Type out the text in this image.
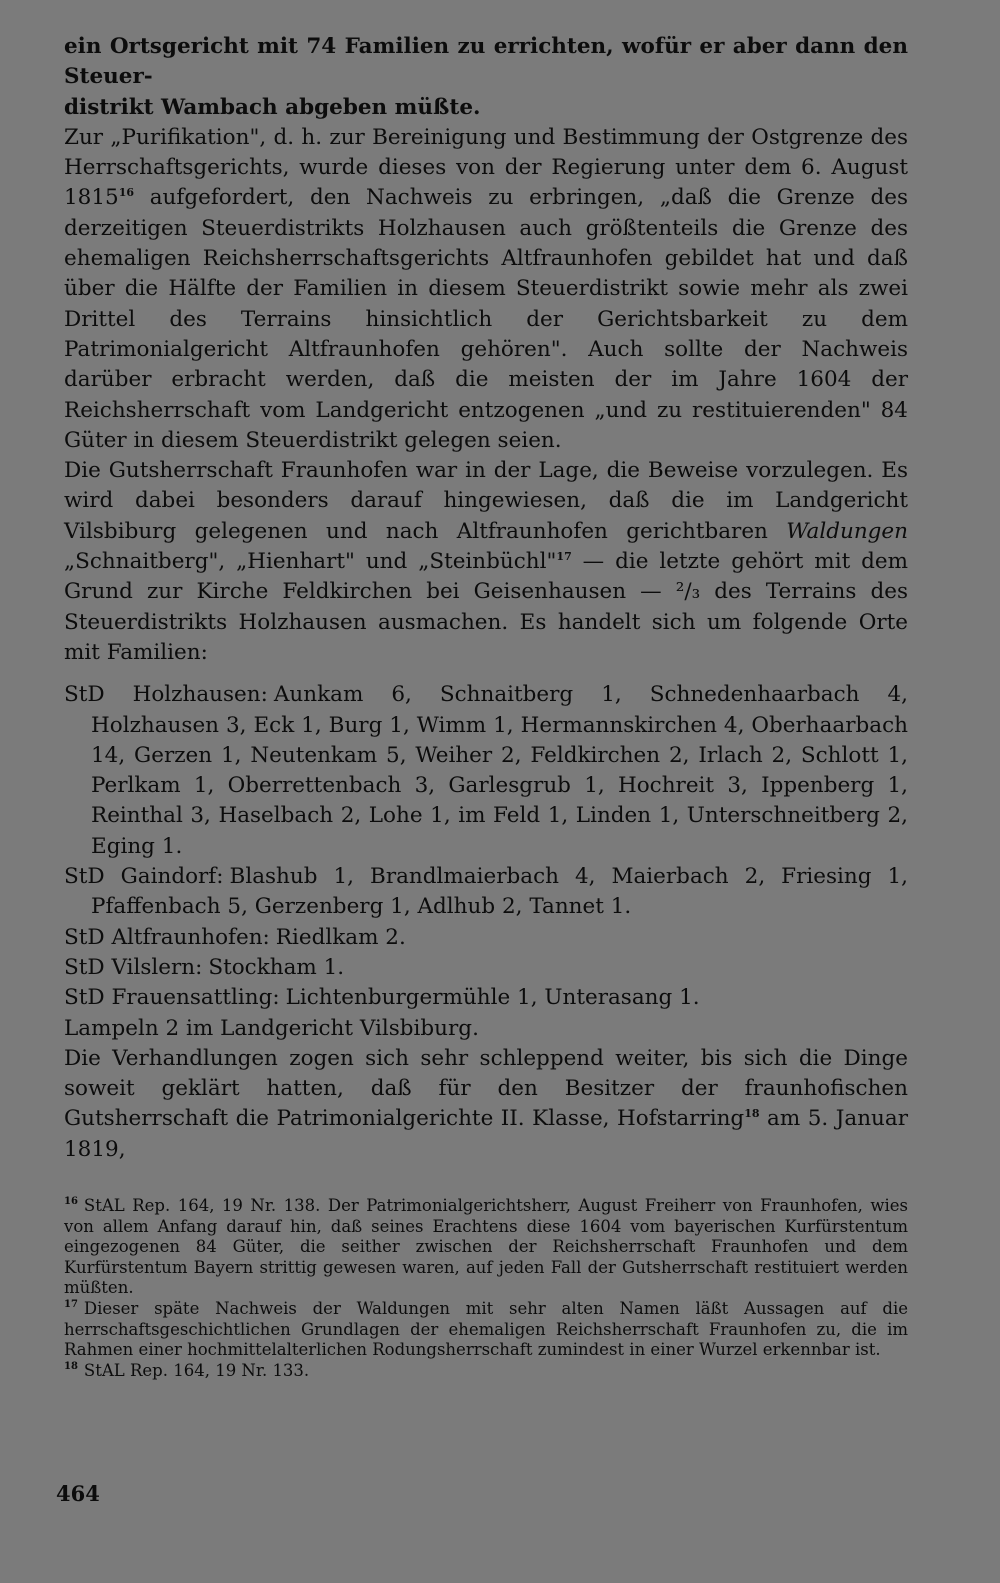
ein Ortsgericht mit 74 Familien zu errichten, wofür er aber dann den Steuer-
distrikt Wambach abgeben müßte.

Zur „Purifikation", d. h. zur Bereinigung und Bestimmung der Ostgrenze des Herrschaftsgerichts, wurde dieses von der Regierung unter dem 6. August 1815$^{16}$ aufgefordert, den Nachweis zu erbringen, „daß die Grenze des derzeitigen Steuerdistrikts Holzhausen auch größtenteils die Grenze des ehemaligen Reichsherrschaftsgerichts Altfraunhofen gebildet hat und daß über die Hälfte der Familien in diesem Steuerdistrikt sowie mehr als zwei Drittel des Terrains hinsichtlich der Gerichtsbarkeit zu dem Patrimonialgericht Altfraunhofen gehören". Auch sollte der Nachweis darüber erbracht werden, daß die meisten der im Jahre 1604 der Reichsherrschaft vom Landgericht entzogenen „und zu restituierenden" 84 Güter in diesem Steuerdistrikt gelegen seien.

Die Gutsherrschaft Fraunhofen war in der Lage, die Beweise vorzulegen. Es wird dabei besonders darauf hingewiesen, daß die im Landgericht Vilsbiburg gelegenen und nach Altfraunhofen gerichtbaren Waldungen „Schnaitberg", „Hienhart" und „Steinbüchl"$^{17}$ — die letzte gehört mit dem Grund zur Kirche Feldkirchen bei Geisenhausen — ²/₃ des Terrains des Steuerdistrikts Holzhausen ausmachen. Es handelt sich um folgende Orte mit Familien:

StD Holzhausen: Aunkam 6, Schnaitberg 1, Schnedenhaarbach 4, Holzhausen 3, Eck 1, Burg 1, Wimm 1, Hermannskirchen 4, Oberhaarbach 14, Gerzen 1, Neutenkam 5, Weiher 2, Feldkirchen 2, Irlach 2, Schlott 1, Perlkam 1, Oberrettenbach 3, Garlesgrub 1, Hochreit 3, Ippenberg 1, Reinthal 3, Haselbach 2, Lohe 1, im Feld 1, Linden 1, Unterschneitberg 2, Eging 1.

StD Gaindorf: Blashub 1, Brandlmaierbach 4, Maierbach 2, Friesing 1, Pfaffenbach 5, Gerzenberg 1, Adlhub 2, Tannet 1.

StD Altfraunhofen: Riedlkam 2.

StD Vilslern: Stockham 1.

StD Frauensattling: Lichtenburgermühle 1, Unterasang 1.

Lampeln 2 im Landgericht Vilsbiburg.

Die Verhandlungen zogen sich sehr schleppend weiter, bis sich die Dinge soweit geklärt hatten, daß für den Besitzer der fraunhofischen Gutsherrschaft die Patrimonialgerichte II. Klasse, Hofstarring$^{18}$ am 5. Januar 1819,

$^{16}$ StAL Rep. 164, 19 Nr. 138. Der Patrimonialgerichtsherr, August Freiherr von Fraunhofen, wies von allem Anfang darauf hin, daß seines Erachtens diese 1604 vom bayerischen Kurfürstentum eingezogenen 84 Güter, die seither zwischen der Reichsherrschaft Fraunhofen und dem Kurfürstentum Bayern strittig gewesen waren, auf jeden Fall der Gutsherrschaft restituiert werden müßten.

$^{17}$ Dieser späte Nachweis der Waldungen mit sehr alten Namen läßt Aussagen auf die herrschaftsgeschichtlichen Grundlagen der ehemaligen Reichsherrschaft Fraunhofen zu, die im Rahmen einer hochmittelalterlichen Rodungsherrschaft zumindest in einer Wurzel erkennbar ist.

$^{18}$ StAL Rep. 164, 19 Nr. 133.

464
